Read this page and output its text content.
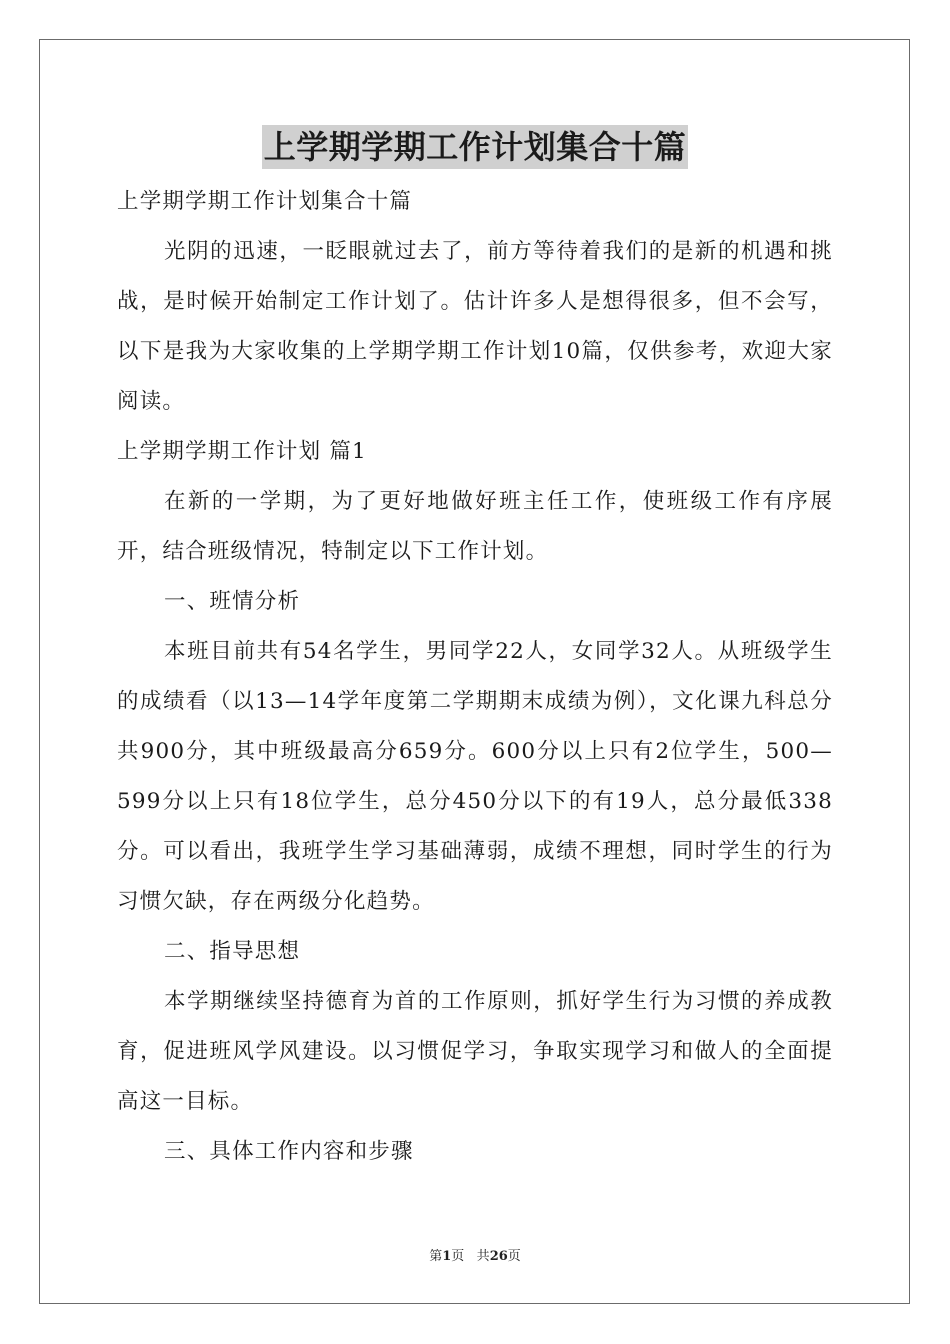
上学期学期工作计划集合十篇

上学期学期工作计划集合十篇

光阴的迅速，一眨眼就过去了，前方等待着我们的是新的机遇和挑战，是时候开始制定工作计划了。估计许多人是想得很多，但不会写，以下是我为大家收集的上学期学期工作计划10篇，仅供参考，欢迎大家阅读。

上学期学期工作计划 篇1

在新的一学期，为了更好地做好班主任工作，使班级工作有序展开，结合班级情况，特制定以下工作计划。

一、班情分析

本班目前共有54名学生，男同学22人，女同学32人。从班级学生的成绩看（以13—14学年度第二学期期末成绩为例），文化课九科总分共900分，其中班级最高分659分。600分以上只有2位学生，500—599分以上只有18位学生，总分450分以下的有19人，总分最低338分。可以看出，我班学生学习基础薄弱，成绩不理想，同时学生的行为习惯欠缺，存在两级分化趋势。

二、指导思想

本学期继续坚持德育为首的工作原则，抓好学生行为习惯的养成教育，促进班风学风建设。以习惯促学习，争取实现学习和做人的全面提高这一目标。

三、具体工作内容和步骤

第1页 共26页
